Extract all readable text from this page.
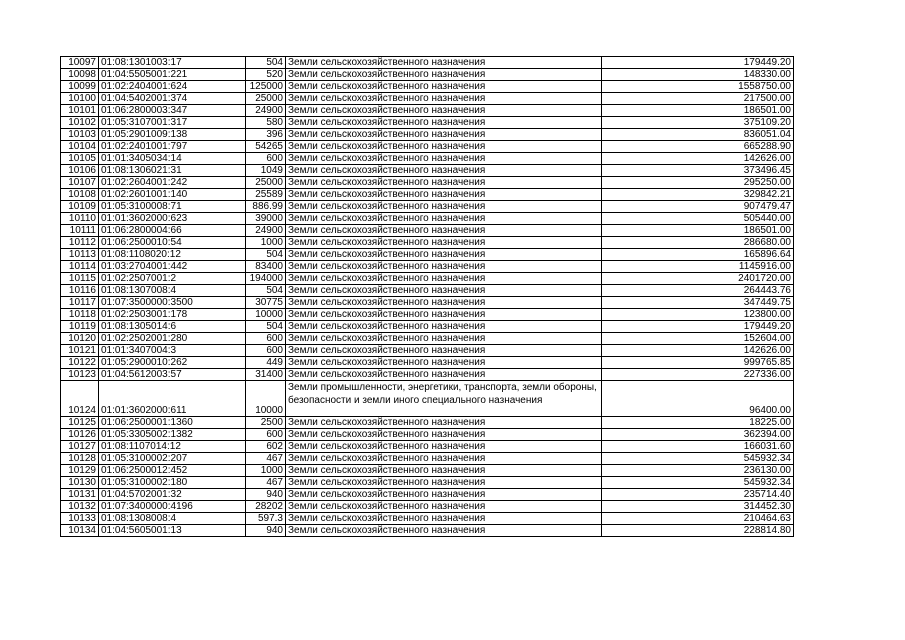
10097	01:08:1301003:17	504	Земли сельскохозяйственного назначения	179449.20
10098	01:04:5505001:221	520	Земли сельскохозяйственного назначения	148330.00
10099	01:02:2404001:624	125000	Земли сельскохозяйственного назначения	1558750.00
10100	01:04:5402001:374	25000	Земли сельскохозяйственного назначения	217500.00
10101	01:06:2800003:347	24900	Земли сельскохозяйственного назначения	186501.00
10102	01:05:3107001:317	580	Земли сельскохозяйственного назначения	375109.20
10103	01:05:2901009:138	396	Земли сельскохозяйственного назначения	836051.04
10104	01:02:2401001:797	54265	Земли сельскохозяйственного назначения	665288.90
10105	01:01:3405034:14	600	Земли сельскохозяйственного назначения	142626.00
10106	01:08:1306021:31	1049	Земли сельскохозяйственного назначения	373496.45
10107	01:02:2604001:242	25000	Земли сельскохозяйственного назначения	295250.00
10108	01:02:2601001:140	25589	Земли сельскохозяйственного назначения	329842.21
10109	01:05:3100008:71	886.99	Земли сельскохозяйственного назначения	907479.47
10110	01:01:3602000:623	39000	Земли сельскохозяйственного назначения	505440.00
10111	01:06:2800004:66	24900	Земли сельскохозяйственного назначения	186501.00
10112	01:06:2500010:54	1000	Земли сельскохозяйственного назначения	286680.00
10113	01:08:1108020:12	504	Земли сельскохозяйственного назначения	165896.64
10114	01:03:2704001:442	83400	Земли сельскохозяйственного назначения	1145916.00
10115	01:02:2507001:2	194000	Земли сельскохозяйственного назначения	2401720.00
10116	01:08:1307008:4	504	Земли сельскохозяйственного назначения	264443.76
10117	01:07:3500000:3500	30775	Земли сельскохозяйственного назначения	347449.75
10118	01:02:2503001:178	10000	Земли сельскохозяйственного назначения	123800.00
10119	01:08:1305014:6	504	Земли сельскохозяйственного назначения	179449.20
10120	01:02:2502001:280	600	Земли сельскохозяйственного назначения	152604.00
10121	01:01:3407004:3	600	Земли сельскохозяйственного назначения	142626.00
10122	01:05:2900010:262	449	Земли сельскохозяйственного назначения	999765.85
10123	01:04:5612003:57	31400	Земли сельскохозяйственного назначения	227336.00
10124	01:01:3602000:611	10000	Земли промышленности, энергетики, транспорта, земли обороны, безопасности и земли иного специального назначения	96400.00
10125	01:06:2500001:1360	2500	Земли сельскохозяйственного назначения	18225.00
10126	01:05:3305002:1382	600	Земли сельскохозяйственного назначения	362394.00
10127	01:08:1107014:12	602	Земли сельскохозяйственного назначения	166031.60
10128	01:05:3100002:207	467	Земли сельскохозяйственного назначения	545932.34
10129	01:06:2500012:452	1000	Земли сельскохозяйственного назначения	236130.00
10130	01:05:3100002:180	467	Земли сельскохозяйственного назначения	545932.34
10131	01:04:5702001:32	940	Земли сельскохозяйственного назначения	235714.40
10132	01:07:3400000:4196	28202	Земли сельскохозяйственного назначения	314452.30
10133	01:08:1308008:4	597.3	Земли сельскохозяйственного назначения	210464.63
10134	01:04:5605001:13	940	Земли сельскохозяйственного назначения	228814.80
